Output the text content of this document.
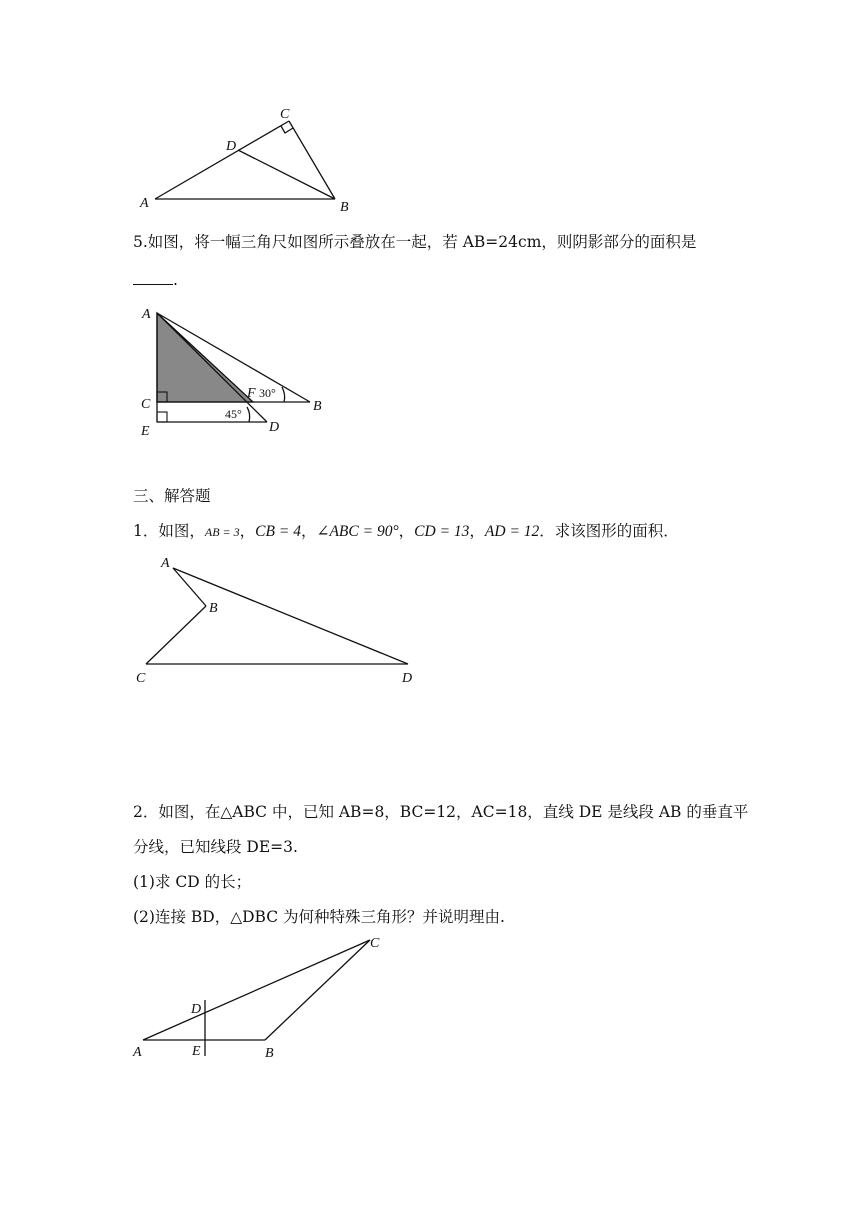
A	B
C
D
5.如图，将一幅三角尺如图所示叠放在一起，若 AB=24cm，则阴影部分的面积是
.
A
B
C
D
E
F 30°
45°
三、解答题
1．如图，AB = 3，CB = 4，∠ABC = 90°，CD = 13，AD = 12．求该图形的面积．
A
B
C	D
2．如图，在△ABC 中，已知 AB=8，BC=12，AC=18，直线 DE 是线段 AB 的垂直平
分线，已知线段 DE=3.
(1)求 CD 的长；
(2)连接 BD，△DBC 为何种特殊三角形？并说明理由.
A	B
C
D
E
